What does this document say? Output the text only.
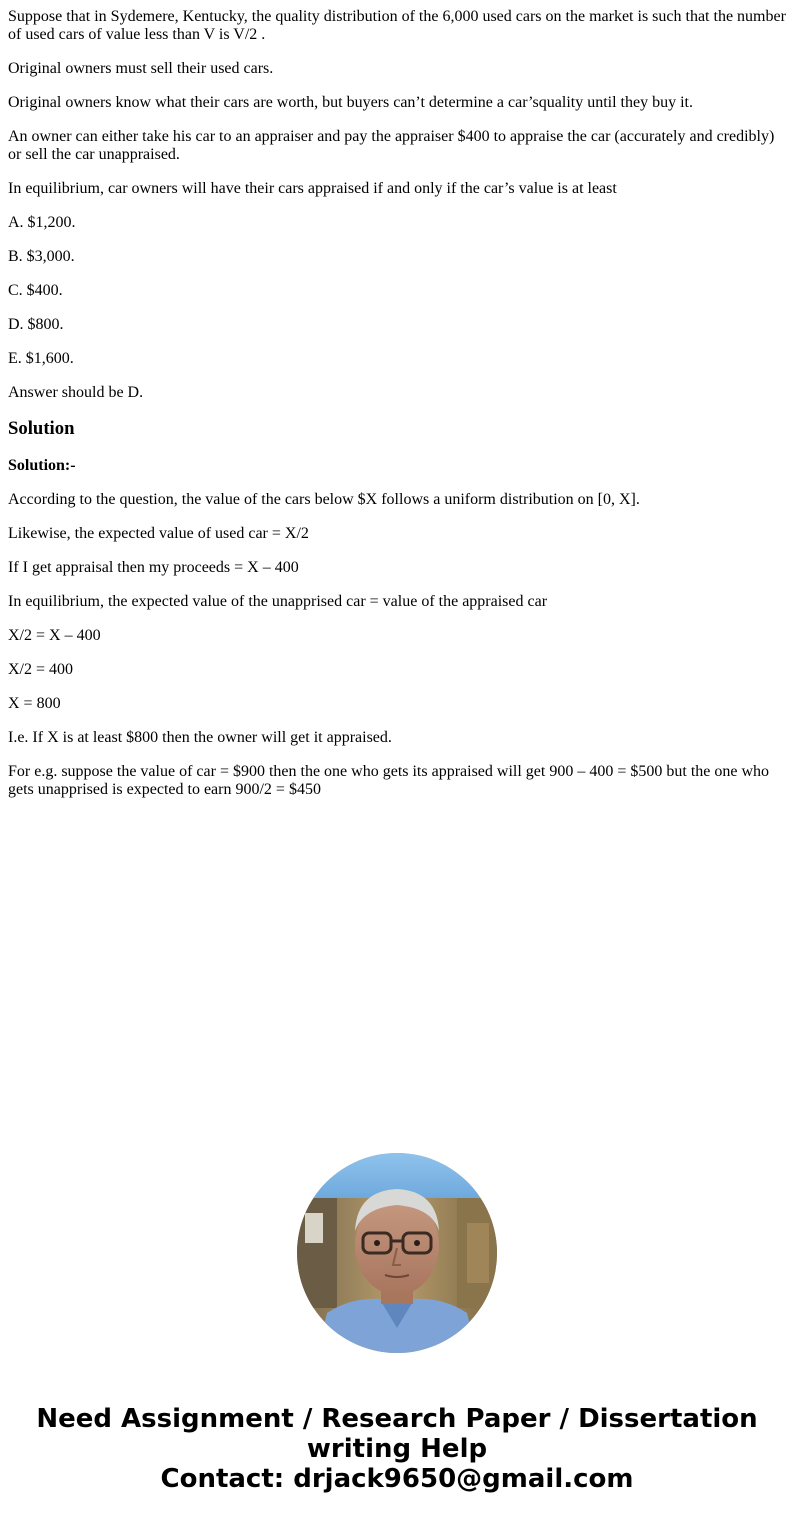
Suppose that in Sydemere, Kentucky, the quality distribution of the 6,000 used cars on the market is such that the number of used cars of value less than V is V/2 .

Original owners must sell their used cars.

Original owners know what their cars are worth, but buyers can’t determine a car’squality until they buy it.

An owner can either take his car to an appraiser and pay the appraiser $400 to appraise the car (accurately and credibly) or sell the car unappraised.

In equilibrium, car owners will have their cars appraised if and only if the car’s value is at least

A. $1,200.

B. $3,000.

C. $400.

D. $800.

E. $1,600.

Answer should be D.

Solution

Solution:-

According to the question, the value of the cars below $X follows a uniform distribution on [0, X].

Likewise, the expected value of used car = X/2

If I get appraisal then my proceeds = X – 400

In equilibrium, the expected value of the unapprised car = value of the appraised car

X/2 = X – 400

X/2 = 400

X = 800

I.e. If X is at least $800 then the owner will get it appraised.

For e.g. suppose the value of car = $900 then the one who gets its appraised will get 900 – 400 = $500 but the one who gets unapprised is expected to earn 900/2 = $450

Need Assignment / Research Paper / Dissertation
writing Help
Contact: drjack9650@gmail.com
